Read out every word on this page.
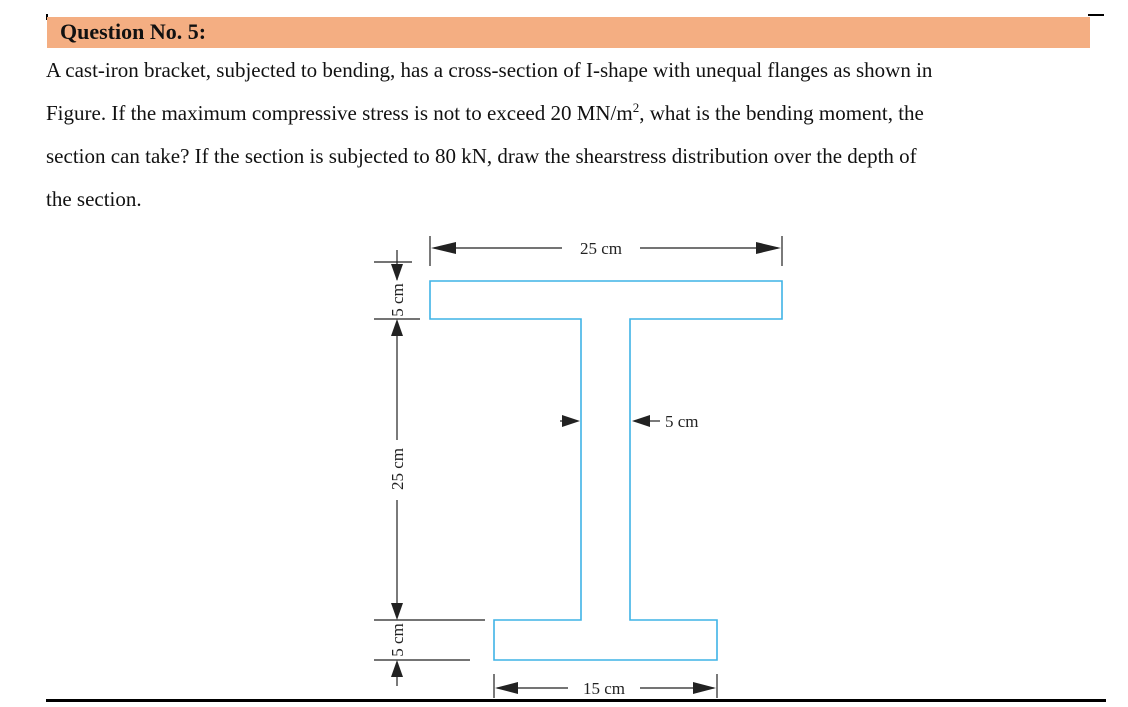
Question No. 5:
A cast-iron bracket, subjected to bending, has a cross-section of I-shape with unequal flanges as shown in
Figure. If the maximum compressive stress is not to exceed 20 $MN/m^2$, what is the bending moment, the
section can take? If the section is subjected to 80 kN, draw the shearstress distribution over the depth of
the section.
25 cm
15 cm
5 cm
5 cm
25 cm
5 cm
